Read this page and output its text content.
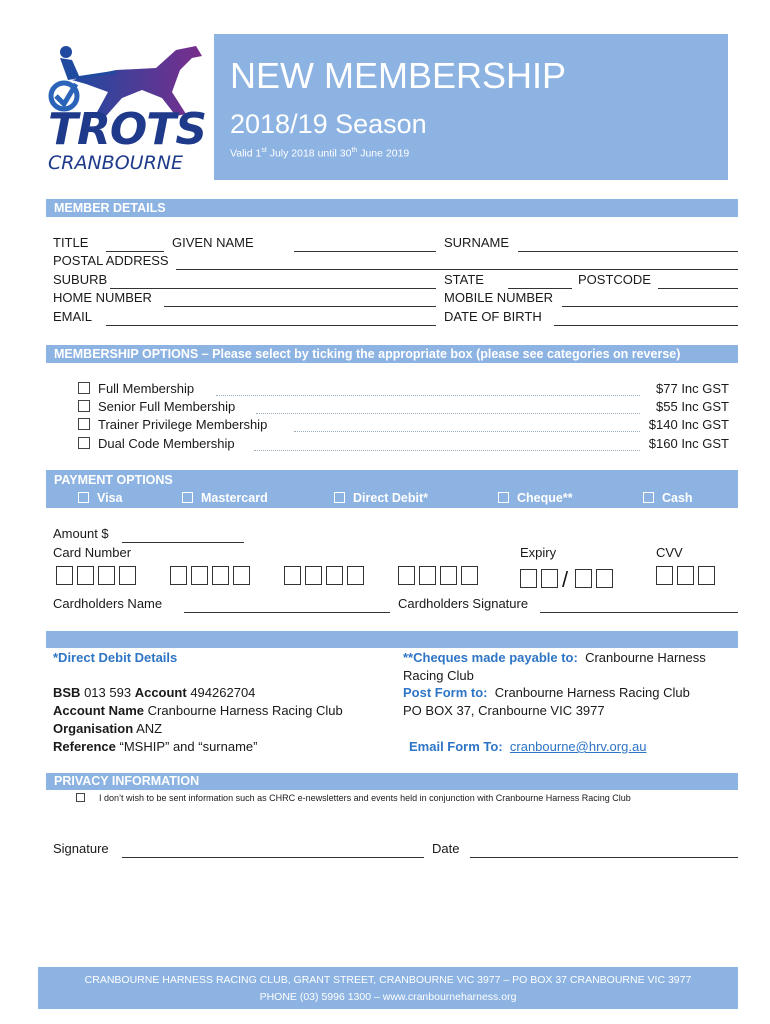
TROTS
CRANBOURNE
NEW MEMBERSHIP
2018/19 Season
Valid 1st July 2018 until 30th June 2019
MEMBER DETAILS
TITLE	GIVEN NAME	SURNAME
POSTAL ADDRESS
SUBURB	STATE	POSTCODE
HOME NUMBER	MOBILE NUMBER
EMAIL	DATE OF BIRTH
MEMBERSHIP OPTIONS – Please select by ticking the appropriate box (please see categories on reverse)
Full Membership	$77 Inc GST
Senior Full Membership	$55 Inc GST
Trainer Privilege Membership	$140 Inc GST
Dual Code Membership	$160 Inc GST
PAYMENT OPTIONS
Visa	Mastercard	Direct Debit*	Cheque**	Cash
Amount $
Card Number	Expiry	CVV
/
Cardholders Name	Cardholders Signature
*Direct Debit Details
BSB 013 593 Account 494262704
Account Name Cranbourne Harness Racing Club
Organisation ANZ
Reference “MSHIP” and “surname”
**Cheques made payable to: Cranbourne Harness
Racing Club
Post Form to: Cranbourne Harness Racing Club
PO BOX 37, Cranbourne VIC 3977
Email Form To: cranbourne@hrv.org.au
PRIVACY INFORMATION
I don’t wish to be sent information such as CHRC e-newsletters and events held in conjunction with Cranbourne Harness Racing Club
Signature	Date
CRANBOURNE HARNESS RACING CLUB, GRANT STREET, CRANBOURNE VIC 3977 – PO BOX 37 CRANBOURNE VIC 3977
PHONE (03) 5996 1300 – www.cranbourneharness.org
